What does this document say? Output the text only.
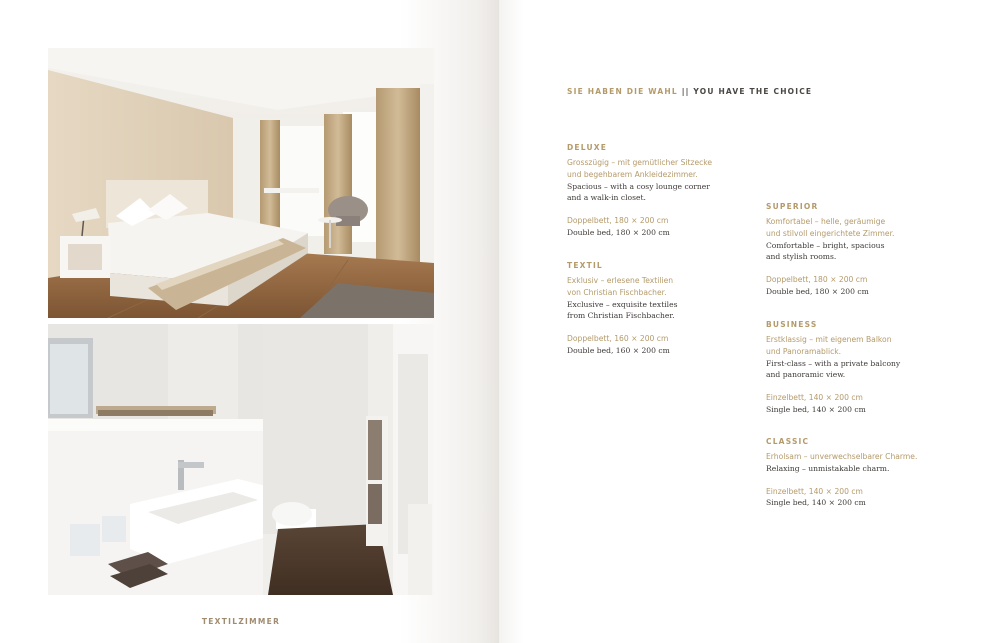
TEXTILZIMMER
SIE HABEN DIE WAHL || YOU HAVE THE CHOICE
DELUXE
Grosszügig – mit gemütlicher Sitzecke
und begehbarem Ankleidezimmer.
Spacious – with a cosy lounge corner
and a walk-in closet.
Doppelbett, 180 × 200 cm
Double bed, 180 × 200 cm
TEXTIL
Exklusiv – erlesene Textilien
von Christian Fischbacher.
Exclusive – exquisite textiles
from Christian Fischbacher.
Doppelbett, 160 × 200 cm
Double bed, 160 × 200 cm
SUPERIOR
Komfortabel – helle, geräumige
und stilvoll eingerichtete Zimmer.
Comfortable – bright, spacious
and stylish rooms.
Doppelbett, 180 × 200 cm
Double bed, 180 × 200 cm
BUSINESS
Erstklassig – mit eigenem Balkon
und Panoramablick.
First-class – with a private balcony
and panoramic view.
Einzelbett, 140 × 200 cm
Single bed, 140 × 200 cm
CLASSIC
Erholsam – unverwechselbarer Charme.
Relaxing – unmistakable charm.
Einzelbett, 140 × 200 cm
Single bed, 140 × 200 cm
